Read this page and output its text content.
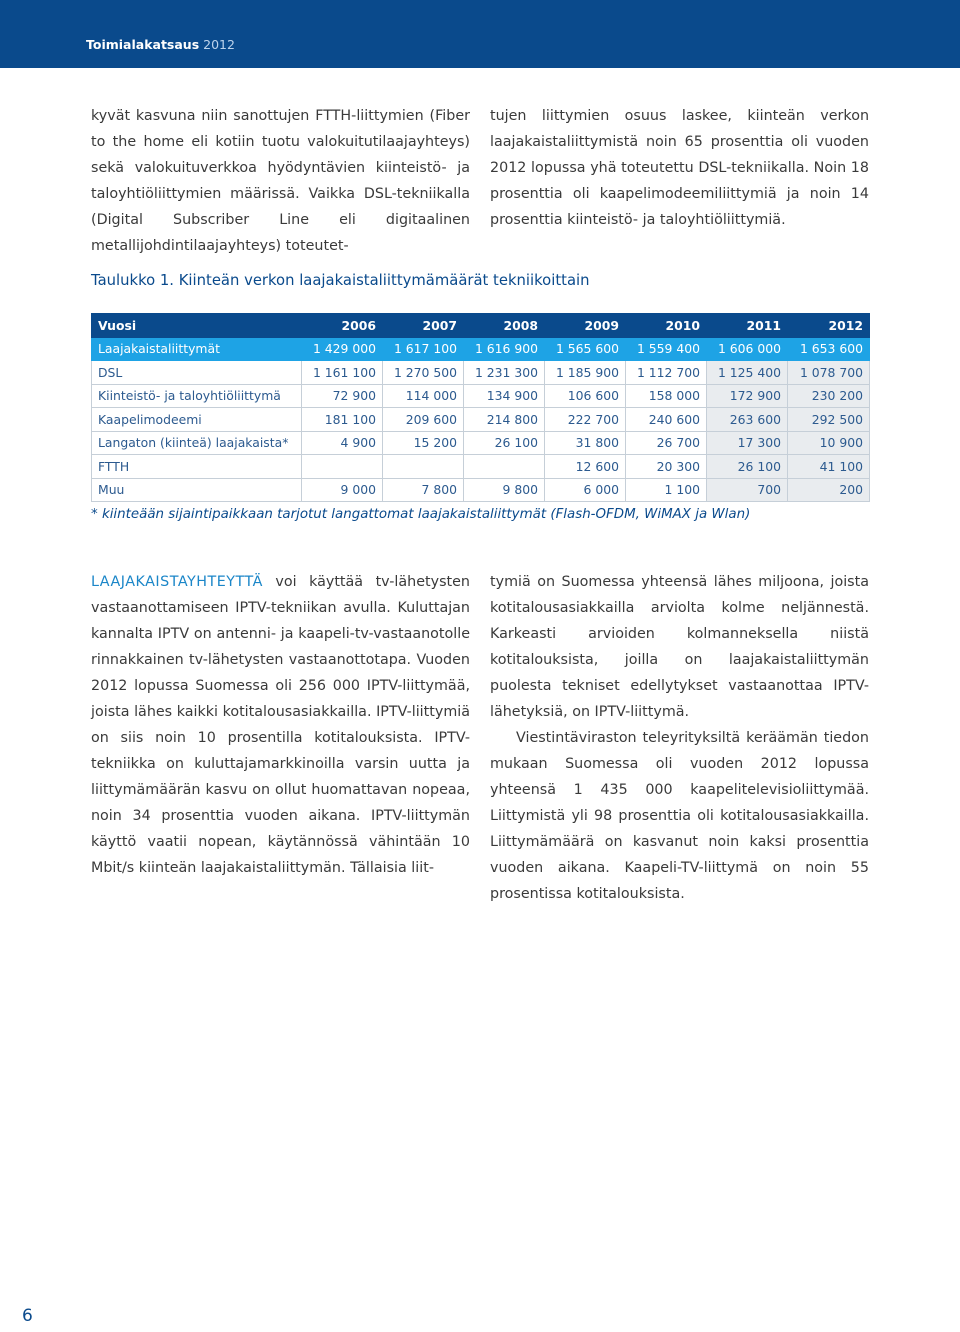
Toimialakatsaus 2012

kyvät kasvuna niin sanottujen FTTH-liittymien (Fiber to the home eli kotiin tuotu valokuitutilaajayhteys) sekä valokuituverkkoa hyödyntävien kiinteistö- ja taloyhtiöliittymien määrissä. Vaikka DSL-tekniikalla (Digital Subscriber Line eli digitaalinen metallijohdintilaajayhteys) toteutet-

tujen liittymien osuus laskee, kiinteän verkon laajakaistaliittymistä noin 65 prosenttia oli vuoden 2012 lopussa yhä toteutettu DSL-tekniikalla. Noin 18 prosenttia oli kaapelimodeemiliittymiä ja noin 14 prosenttia kiinteistö- ja taloyhtiöliittymiä.

Taulukko 1. Kiinteän verkon laajakaistaliittymämäärät tekniikoittain
Vuosi	2006	2007	2008	2009	2010	2011	2012
Laajakaistaliittymät	1 429 000	1 617 100	1 616 900	1 565 600	1 559 400	1 606 000	1 653 600
DSL	1 161 100	1 270 500	1 231 300	1 185 900	1 112 700	1 125 400	1 078 700
Kiinteistö- ja taloyhtiöliittymä	72 900	114 000	134 900	106 600	158 000	172 900	230 200
Kaapelimodeemi	181 100	209 600	214 800	222 700	240 600	263 600	292 500
Langaton (kiinteä) laajakaista*	4 900	15 200	26 100	31 800	26 700	17 300	10 900
FTTH				12 600	20 300	26 100	41 100
Muu	9 000	7 800	9 800	6 000	1 100	700	200
* kiinteään sijaintipaikkaan tarjotut langattomat laajakaistaliittymät (Flash-OFDM, WiMAX ja Wlan)

LAAJAKAISTAYHTEYTTÄ voi käyttää tv-lähetysten vastaanottamiseen IPTV-tekniikan avulla. Kuluttajan kannalta IPTV on antenni- ja kaapeli-tv-vastaanotolle rinnakkainen tv-lähetysten vastaanottotapa. Vuoden 2012 lopussa Suomessa oli 256 000 IPTV-liittymää, joista lähes kaikki kotitalousasiakkailla. IPTV-liittymiä on siis noin 10 prosentilla kotitalouksista. IPTV-tekniikka on kuluttajamarkkinoilla varsin uutta ja liittymämäärän kasvu on ollut huomattavan nopeaa, noin 34 prosenttia vuoden aikana. IPTV-liittymän käyttö vaatii nopean, käytännössä vähintään 10 Mbit/s kiinteän laajakaistaliittymän. Tällaisia liit-

tymiä on Suomessa yhteensä lähes miljoona, joista kotitalousasiakkailla arviolta kolme neljännestä. Karkeasti arvioiden kolmanneksella niistä kotitalouksista, joilla on laajakaistaliittymän puolesta tekniset edellytykset vastaanottaa IPTV-lähetyksiä, on IPTV-liittymä.

Viestintäviraston teleyrityksiltä keräämän tiedon mukaan Suomessa oli vuoden 2012 lopussa yhteensä 1 435 000 kaapelitelevisioliittymää. Liittymistä yli 98 prosenttia oli kotitalousasiakkailla. Liittymämäärä on kasvanut noin kaksi prosenttia vuoden aikana. Kaapeli-TV-liittymä on noin 55 prosentissa kotitalouksista.

6
